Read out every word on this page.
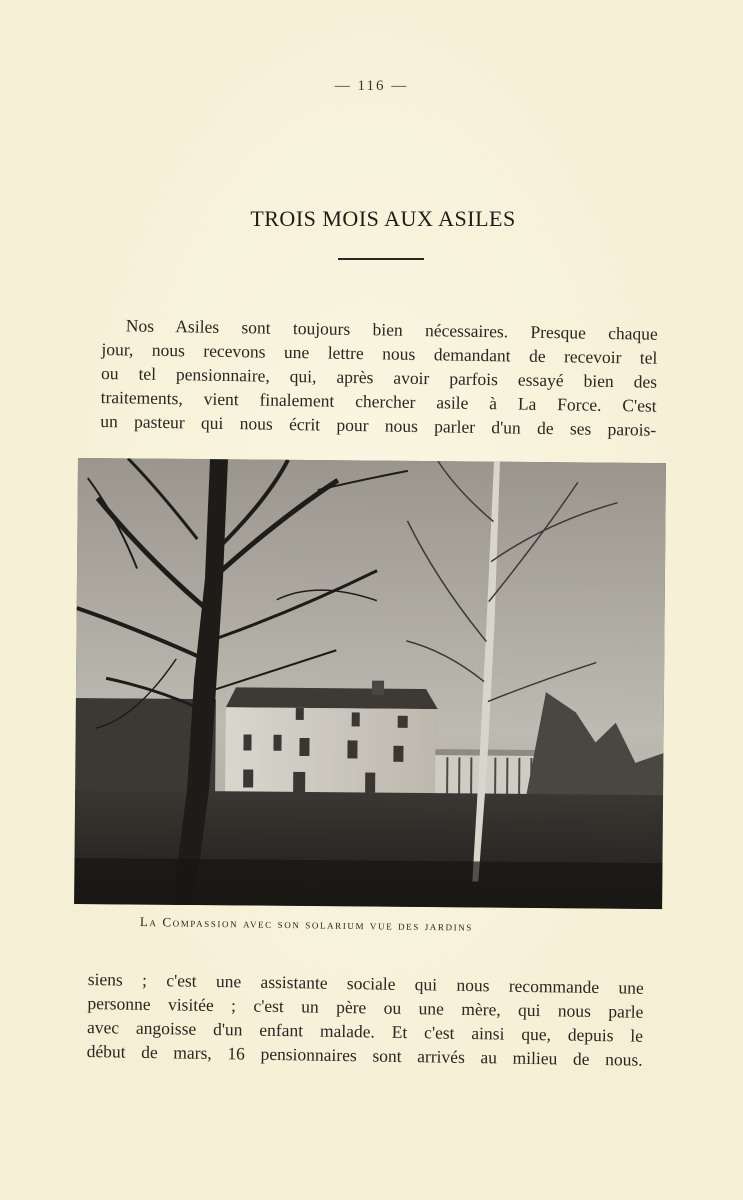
— 116 —
TROIS MOIS AUX ASILES
Nos Asiles sont toujours bien nécessaires. Presque chaque
jour, nous recevons une lettre nous demandant de recevoir tel
ou tel pensionnaire, qui, après avoir parfois essayé bien des
traitements, vient finalement chercher asile à La Force. C'est
un pasteur qui nous écrit pour nous parler d'un de ses parois-
La Compassion avec son solarium vue des jardins
siens ; c'est une assistante sociale qui nous recommande une
personne visitée ; c'est un père ou une mère, qui nous parle
avec angoisse d'un enfant malade. Et c'est ainsi que, depuis le
début de mars, 16 pensionnaires sont arrivés au milieu de nous.
